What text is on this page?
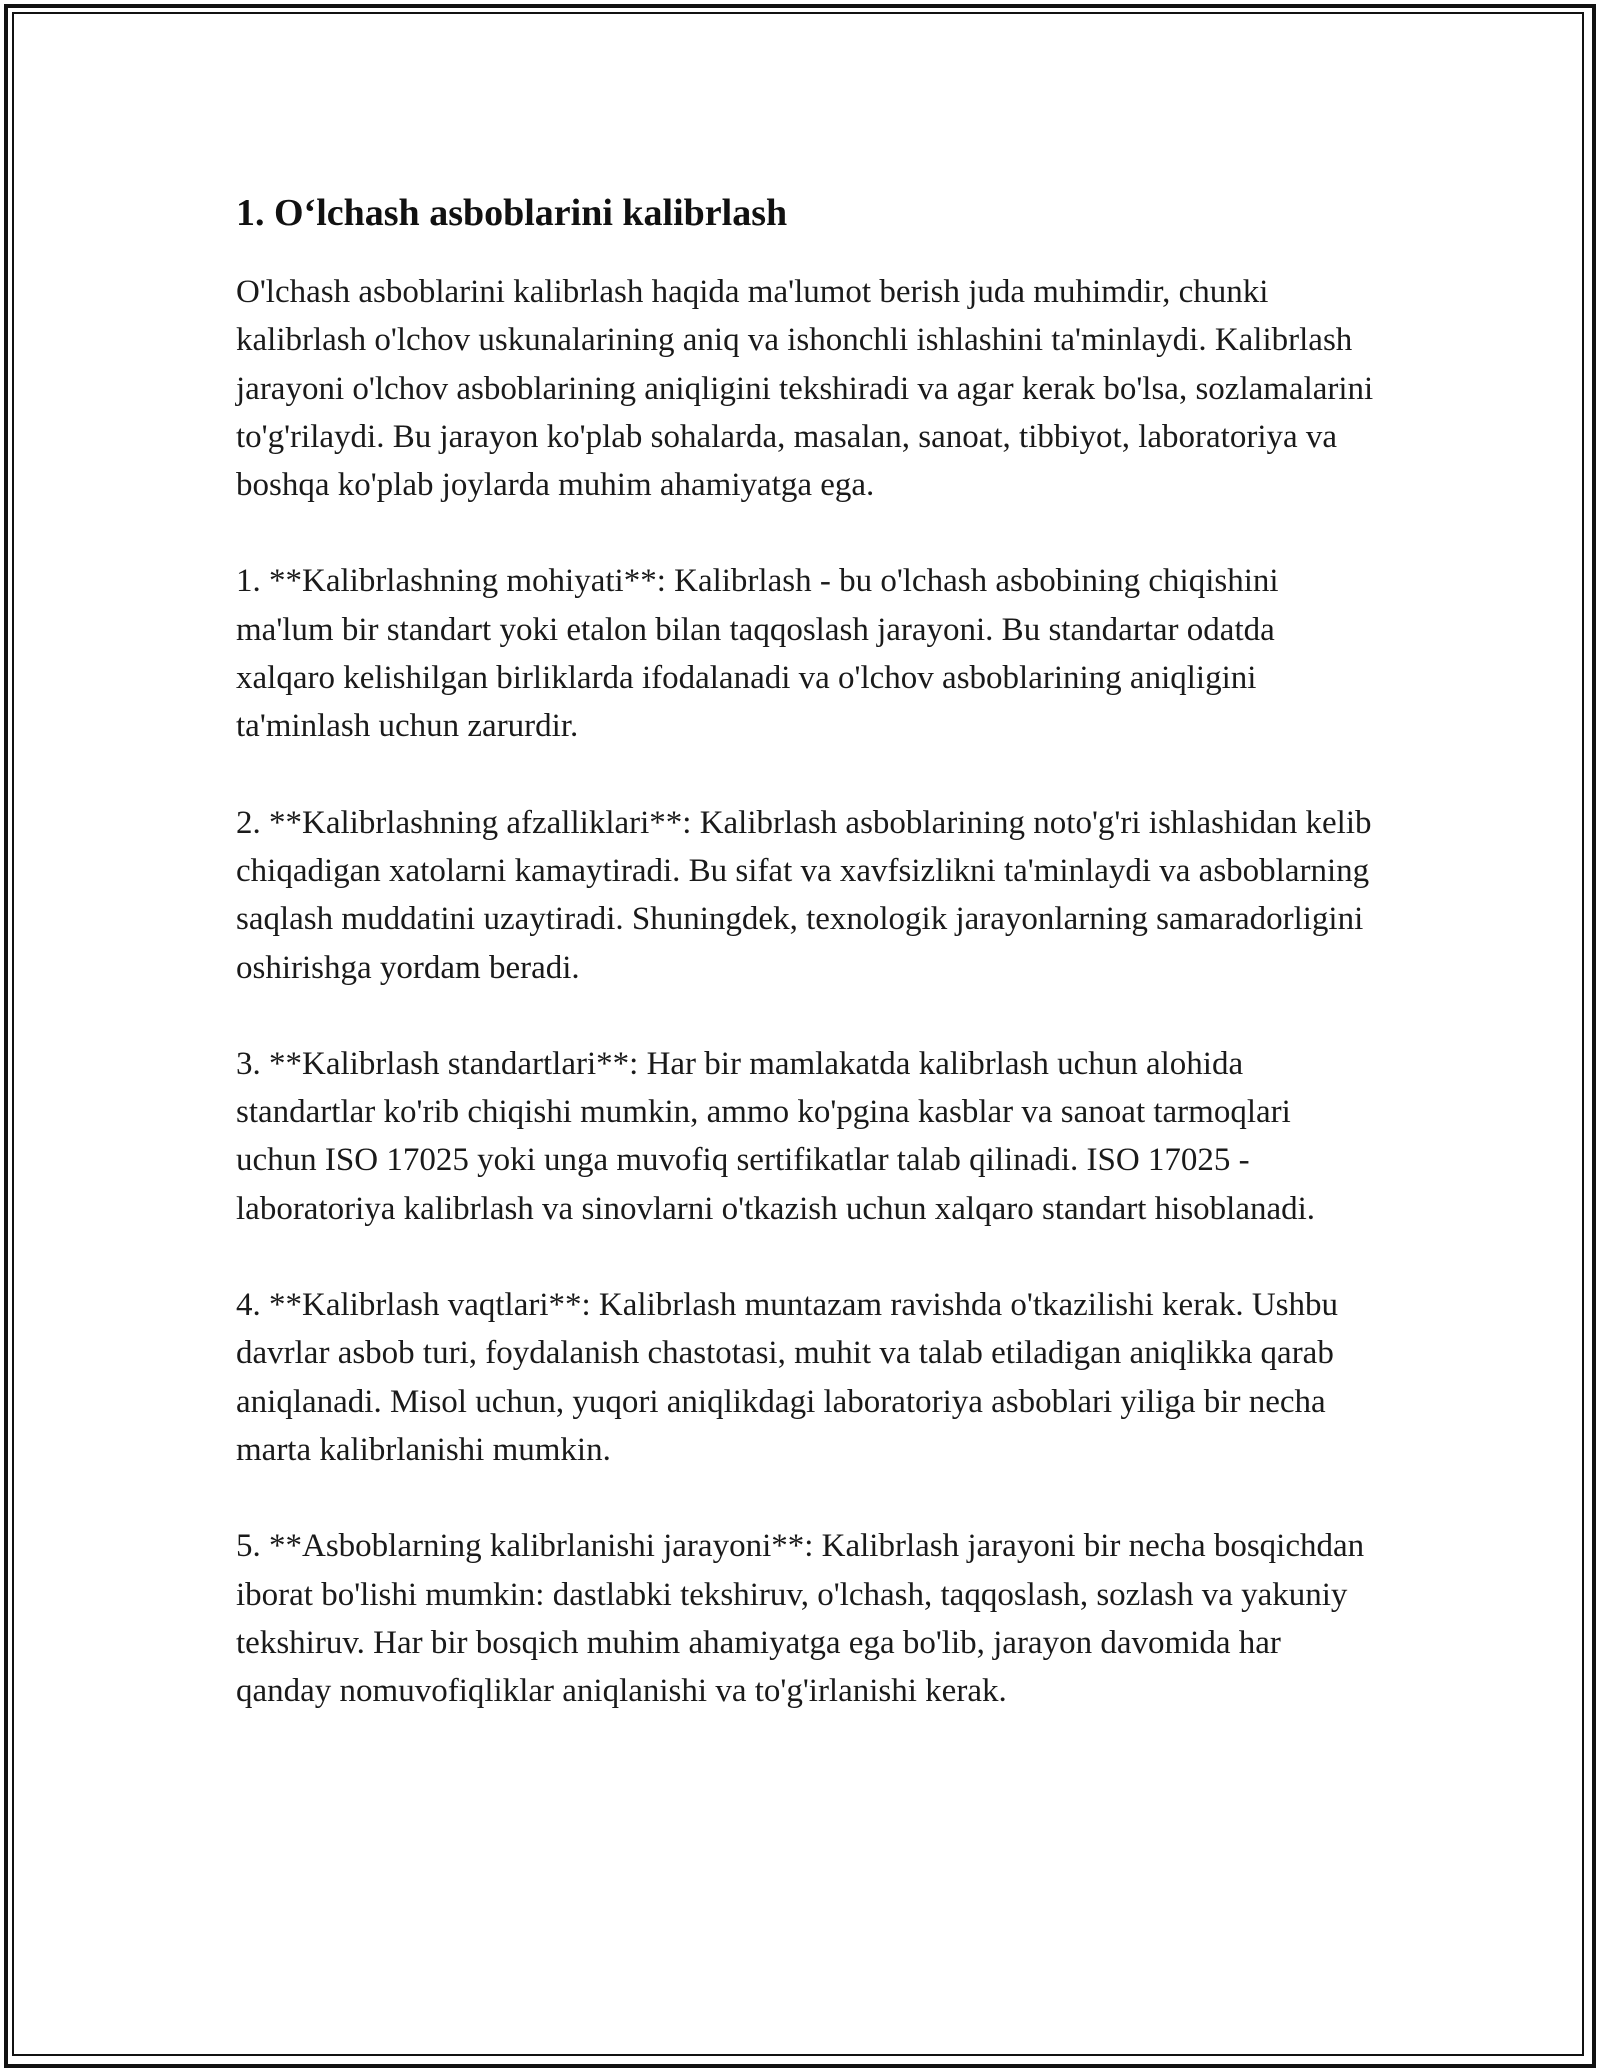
1. O‘lchash asboblarini kalibrlash

O'lchash asboblarini kalibrlash haqida ma'lumot berish juda muhimdir, chunki kalibrlash o'lchov uskunalarining aniq va ishonchli ishlashini ta'minlaydi. Kalibrlash jarayoni o'lchov asboblarining aniqligini tekshiradi va agar kerak bo'lsa, sozlamalarini to'g'rilaydi. Bu jarayon ko'plab sohalarda, masalan, sanoat, tibbiyot, laboratoriya va boshqa ko'plab joylarda muhim ahamiyatga ega.

1. **Kalibrlashning mohiyati**: Kalibrlash - bu o'lchash asbobining chiqishini ma'lum bir standart yoki etalon bilan taqqoslash jarayoni. Bu standartar odatda xalqaro kelishilgan birliklarda ifodalanadi va o'lchov asboblarining aniqligini ta'minlash uchun zarurdir.

2. **Kalibrlashning afzalliklari**: Kalibrlash asboblarining noto'g'ri ishlashidan kelib chiqadigan xatolarni kamaytiradi. Bu sifat va xavfsizlikni ta'minlaydi va asboblarning saqlash muddatini uzaytiradi. Shuningdek, texnologik jarayonlarning samaradorligini oshirishga yordam beradi.

3. **Kalibrlash standartlari**: Har bir mamlakatda kalibrlash uchun alohida standartlar ko'rib chiqishi mumkin, ammo ko'pgina kasblar va sanoat tarmoqlari uchun ISO 17025 yoki unga muvofiq sertifikatlar talab qilinadi. ISO 17025 - laboratoriya kalibrlash va sinovlarni o'tkazish uchun xalqaro standart hisoblanadi.

4. **Kalibrlash vaqtlari**: Kalibrlash muntazam ravishda o'tkazilishi kerak. Ushbu davrlar asbob turi, foydalanish chastotasi, muhit va talab etiladigan aniqlikka qarab aniqlanadi. Misol uchun, yuqori aniqlikdagi laboratoriya asboblari yiliga bir necha marta kalibrlanishi mumkin.

5. **Asboblarning kalibrlanishi jarayoni**: Kalibrlash jarayoni bir necha bosqichdan iborat bo'lishi mumkin: dastlabki tekshiruv, o'lchash, taqqoslash, sozlash va yakuniy tekshiruv. Har bir bosqich muhim ahamiyatga ega bo'lib, jarayon davomida har qanday nomuvofiqliklar aniqlanishi va to'g'irlanishi kerak.
